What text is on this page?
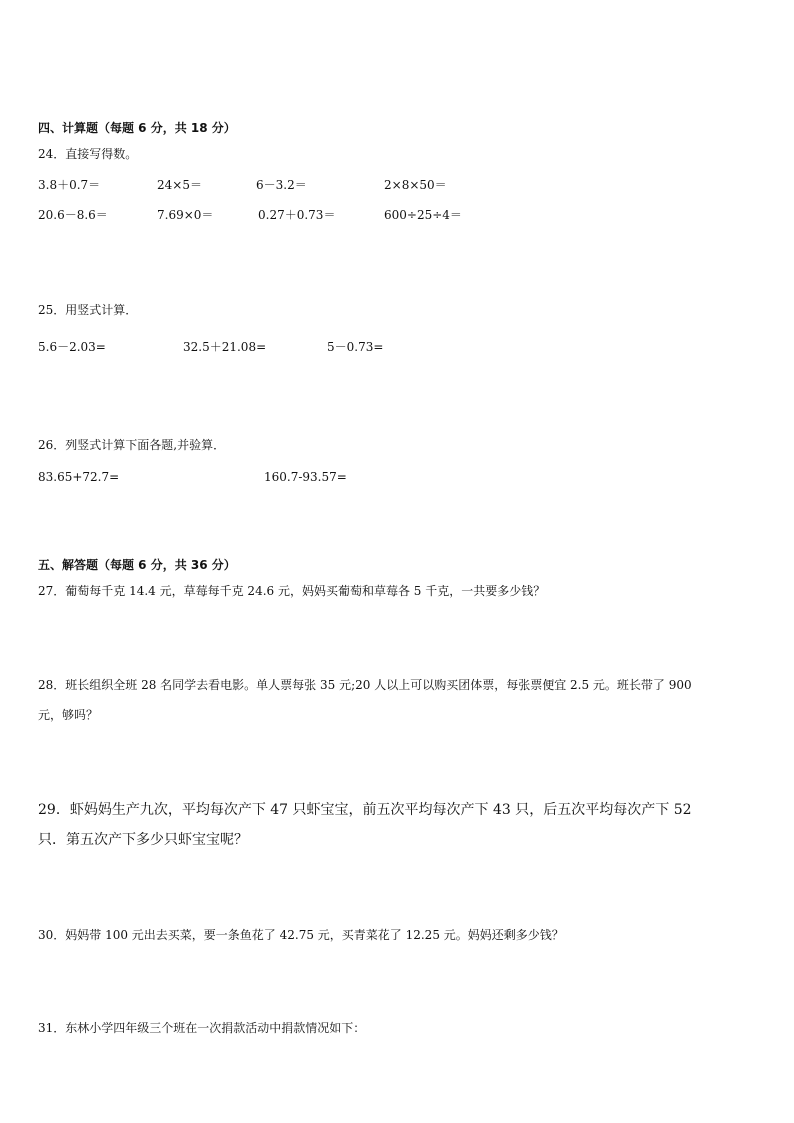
四、计算题（每题 6 分，共 18 分）
24．直接写得数。
3.8＋0.7＝	24×5＝	6－3.2＝	2×8×50＝
20.6－8.6＝	7.69×0＝	0.27＋0.73＝	600÷25÷4＝
25．用竖式计算．
5.6－2.03=	32.5＋21.08=	5－0.73=
26．列竖式计算下面各题,并验算．
83.65+72.7=	160.7-93.57=
五、解答题（每题 6 分，共 36 分）
27．葡萄每千克 14.4 元，草莓每千克 24.6 元，妈妈买葡萄和草莓各 5 千克，一共要多少钱？
28．班长组织全班 28 名同学去看电影。单人票每张 35 元;20 人以上可以购买团体票，每张票便宜 2.5 元。班长带了 900
元，够吗？
29．虾妈妈生产九次，平均每次产下 47 只虾宝宝，前五次平均每次产下 43 只，后五次平均每次产下 52
只．第五次产下多少只虾宝宝呢？
30．妈妈带 100 元出去买菜，要一条鱼花了 42.75 元，买青菜花了 12.25 元。妈妈还剩多少钱？
31．东林小学四年级三个班在一次捐款活动中捐款情况如下：
